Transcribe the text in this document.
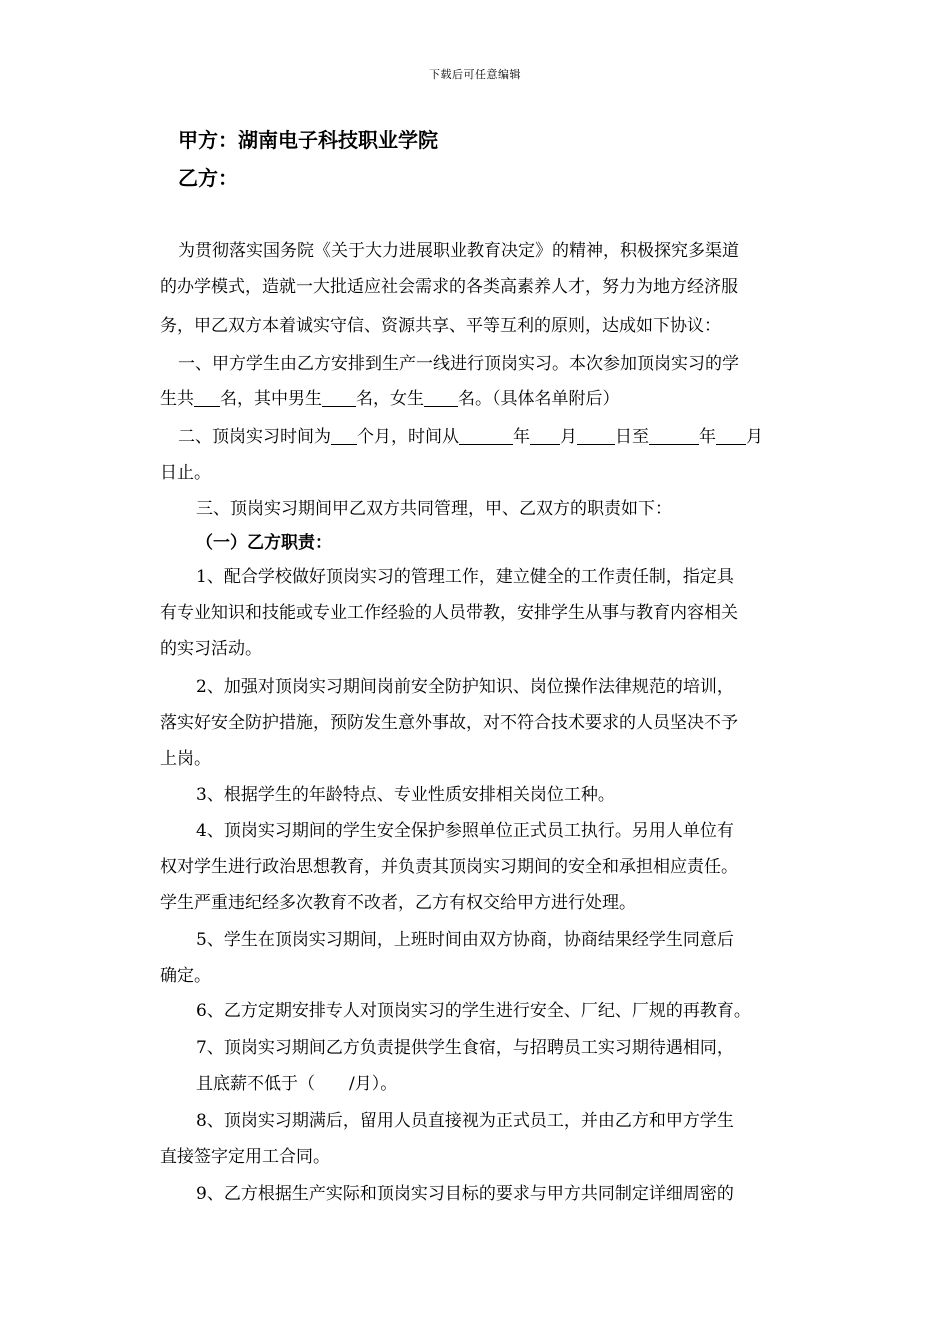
下载后可任意编辑
甲方：湖南电子科技职业学院
乙方：
为贯彻落实国务院《关于大力进展职业教育决定》的精神，积极探究多渠道
的办学模式，造就一大批适应社会需求的各类高素养人才，努力为地方经济服
务，甲乙双方本着诚实守信、资源共享、平等互利的原则，达成如下协议：
一、甲方学生由乙方安排到生产一线进行顶岗实习。本次参加顶岗实习的学
生共 名，其中男生 名，女生 名。（具体名单附后）
二、顶岗实习时间为 个月，时间从	年 月 日至	年 月
日止。
三、顶岗实习期间甲乙双方共同管理，甲、乙双方的职责如下：
（一）乙方职责：
1、配合学校做好顶岗实习的管理工作，建立健全的工作责任制，指定具
有专业知识和技能或专业工作经验的人员带教，安排学生从事与教育内容相关
的实习活动。
2、加强对顶岗实习期间岗前安全防护知识、岗位操作法律规范的培训，
落实好安全防护措施，预防发生意外事故，对不符合技术要求的人员坚决不予
上岗。
3、根据学生的年龄特点、专业性质安排相关岗位工种。
4、顶岗实习期间的学生安全保护参照单位正式员工执行。另用人单位有
权对学生进行政治思想教育，并负责其顶岗实习期间的安全和承担相应责任。
学生严重违纪经多次教育不改者，乙方有权交给甲方进行处理。
5、学生在顶岗实习期间，上班时间由双方协商，协商结果经学生同意后
确定。
6、乙方定期安排专人对顶岗实习的学生进行安全、厂纪、厂规的再教育。
7、顶岗实习期间乙方负责提供学生食宿，与招聘员工实习期待遇相同，
且底薪不低于（　　/月）。
8、顶岗实习期满后，留用人员直接视为正式员工，并由乙方和甲方学生
直接签字定用工合同。
9、乙方根据生产实际和顶岗实习目标的要求与甲方共同制定详细周密的
